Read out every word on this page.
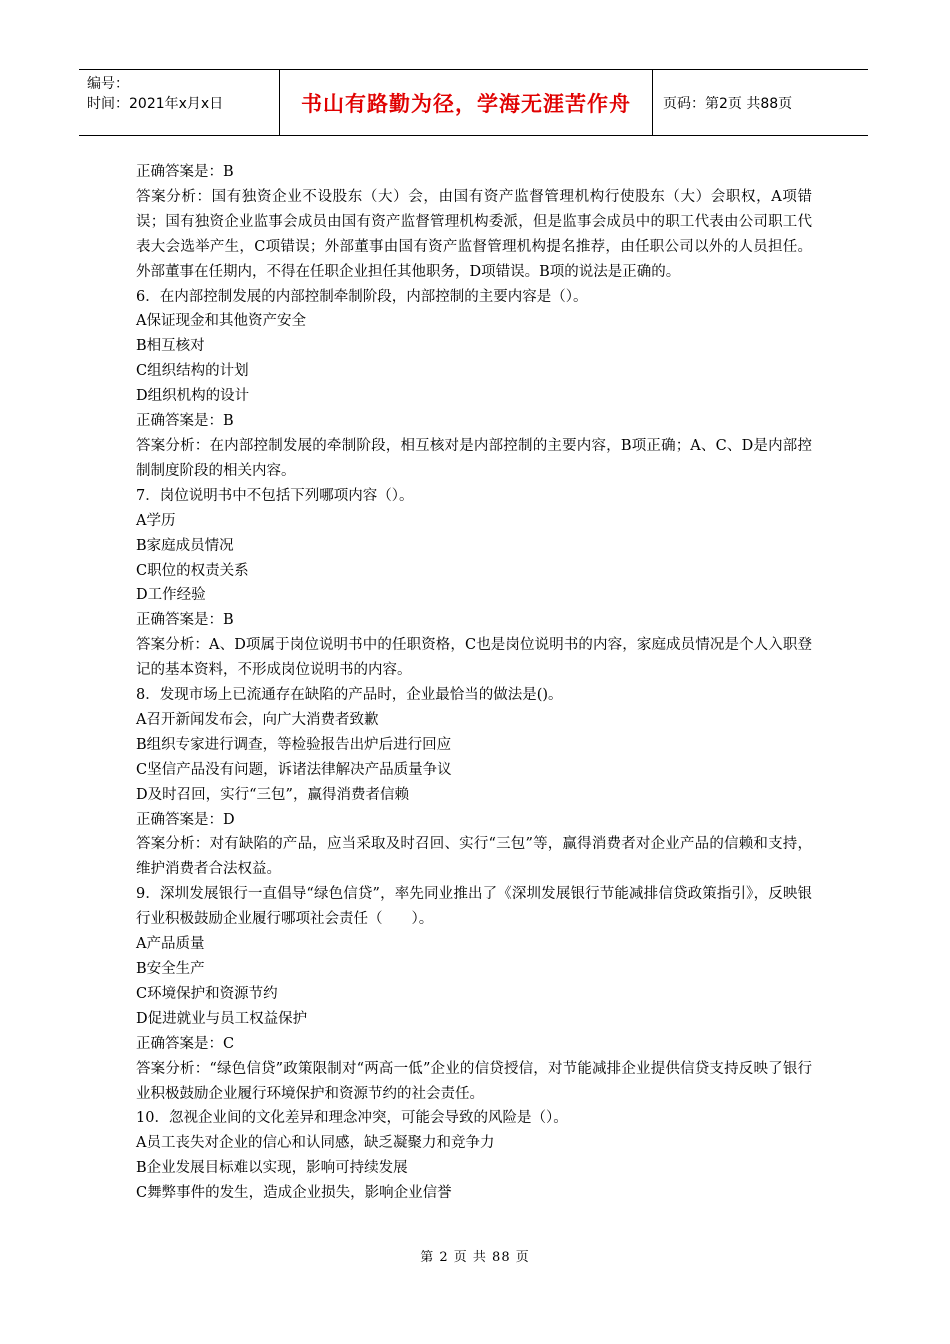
编号：
时间：2021年x月x日	书山有路勤为径，学海无涯苦作舟	页码：第2页 共88页

正确答案是：B

答案分析：国有独资企业不设股东（大）会，由国有资产监督管理机构行使股东（大）会职权，A项错误；国有独资企业监事会成员由国有资产监督管理机构委派，但是监事会成员中的职工代表由公司职工代表大会选举产生，C项错误；外部董事由国有资产监督管理机构提名推荐，由任职公司以外的人员担任。外部董事在任期内，不得在任职企业担任其他职务，D项错误。B项的说法是正确的。

6．在内部控制发展的内部控制牵制阶段，内部控制的主要内容是（）。

A保证现金和其他资产安全

B相互核对

C组织结构的计划

D组织机构的设计

正确答案是：B

答案分析：在内部控制发展的牵制阶段，相互核对是内部控制的主要内容，B项正确；A、C、D是内部控制制度阶段的相关内容。

7．岗位说明书中不包括下列哪项内容（）。

A学历

B家庭成员情况

C职位的权责关系

D工作经验

正确答案是：B

答案分析：A、D项属于岗位说明书中的任职资格，C也是岗位说明书的内容，家庭成员情况是个人入职登记的基本资料，不形成岗位说明书的内容。

8．发现市场上已流通存在缺陷的产品时，企业最恰当的做法是()。

A召开新闻发布会，向广大消费者致歉

B组织专家进行调查，等检验报告出炉后进行回应

C坚信产品没有问题，诉诸法律解决产品质量争议

D及时召回，实行“三包”，赢得消费者信赖

正确答案是：D

答案分析：对有缺陷的产品，应当采取及时召回、实行“三包”等，赢得消费者对企业产品的信赖和支持，维护消费者合法权益。

9．深圳发展银行一直倡导“绿色信贷”，率先同业推出了《深圳发展银行节能减排信贷政策指引》，反映银行业积极鼓励企业履行哪项社会责任（　　）。

A产品质量

B安全生产

C环境保护和资源节约

D促进就业与员工权益保护

正确答案是：C

答案分析：“绿色信贷”政策限制对“两高一低”企业的信贷授信，对节能减排企业提供信贷支持反映了银行业积极鼓励企业履行环境保护和资源节约的社会责任。

10．忽视企业间的文化差异和理念冲突，可能会导致的风险是（）。

A员工丧失对企业的信心和认同感，缺乏凝聚力和竞争力

B企业发展目标难以实现，影响可持续发展

C舞弊事件的发生，造成企业损失，影响企业信誉

第 2 页 共 88 页
